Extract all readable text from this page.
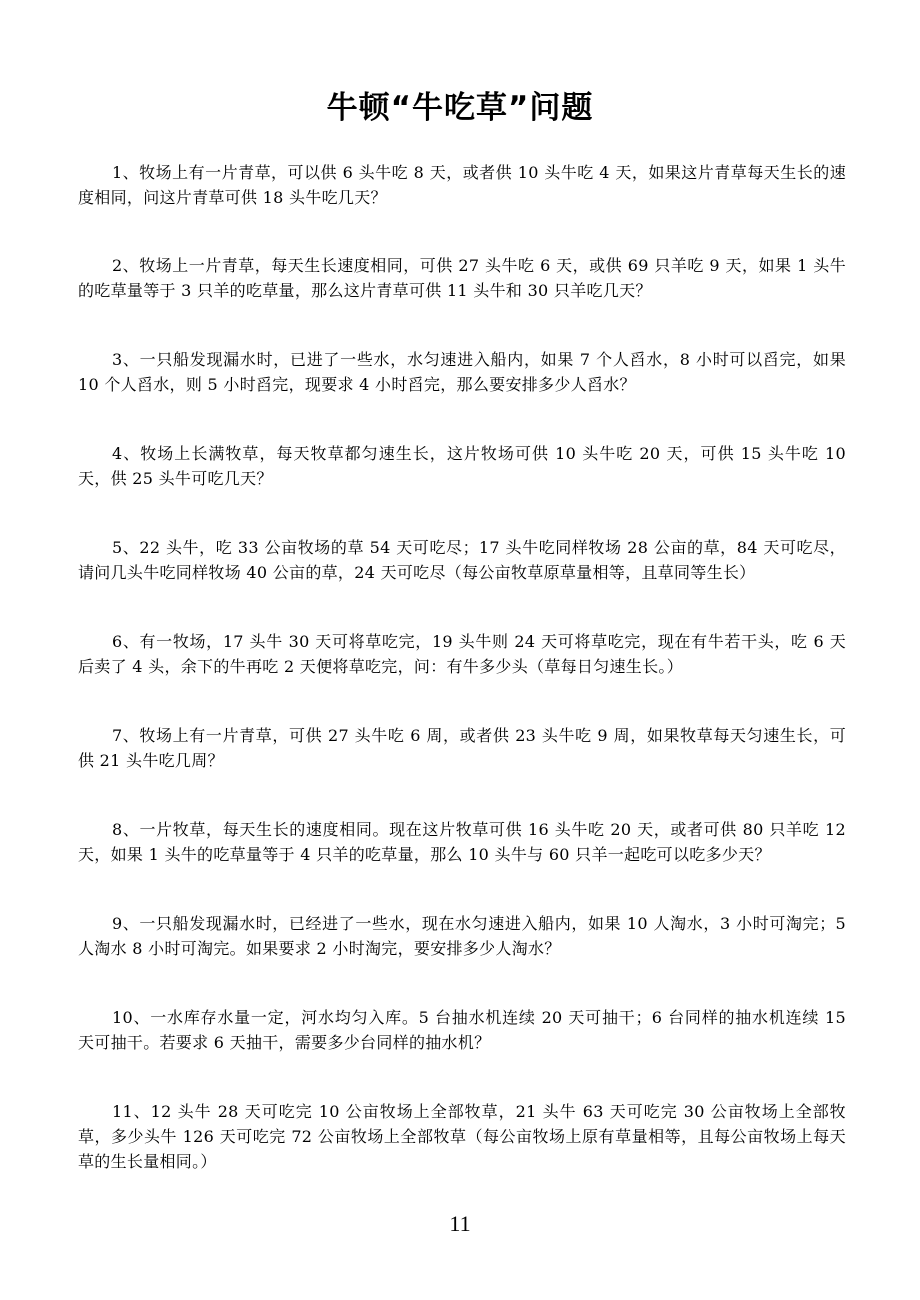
牛顿“牛吃草”问题
1、牧场上有一片青草，可以供 6 头牛吃 8 天，或者供 10 头牛吃 4 天，如果这片青草每天生长的速度相同，问这片青草可供 18 头牛吃几天？
2、牧场上一片青草，每天生长速度相同，可供 27 头牛吃 6 天，或供 69 只羊吃 9 天，如果 1 头牛的吃草量等于 3 只羊的吃草量，那么这片青草可供 11 头牛和 30 只羊吃几天？
3、一只船发现漏水时，已进了一些水，水匀速进入船内，如果 7 个人舀水，8 小时可以舀完，如果 10 个人舀水，则 5 小时舀完，现要求 4 小时舀完，那么要安排多少人舀水？
4、牧场上长满牧草，每天牧草都匀速生长，这片牧场可供 10 头牛吃 20 天，可供 15 头牛吃 10 天，供 25 头牛可吃几天？
5、22 头牛，吃 33 公亩牧场的草 54 天可吃尽；17 头牛吃同样牧场 28 公亩的草，84 天可吃尽，请问几头牛吃同样牧场 40 公亩的草，24 天可吃尽（每公亩牧草原草量相等，且草同等生长）
6、有一牧场，17 头牛 30 天可将草吃完，19 头牛则 24 天可将草吃完，现在有牛若干头，吃 6 天后卖了 4 头，余下的牛再吃 2 天便将草吃完，问：有牛多少头（草每日匀速生长。）
7、牧场上有一片青草，可供 27 头牛吃 6 周，或者供 23 头牛吃 9 周，如果牧草每天匀速生长，可供 21 头牛吃几周？
8、一片牧草，每天生长的速度相同。现在这片牧草可供 16 头牛吃 20 天，或者可供 80 只羊吃 12 天，如果 1 头牛的吃草量等于 4 只羊的吃草量，那么 10 头牛与 60 只羊一起吃可以吃多少天？
9、一只船发现漏水时，已经进了一些水，现在水匀速进入船内，如果 10 人淘水，3 小时可淘完；5 人淘水 8 小时可淘完。如果要求 2 小时淘完，要安排多少人淘水？
10、一水库存水量一定，河水均匀入库。5 台抽水机连续 20 天可抽干；6 台同样的抽水机连续 15 天可抽干。若要求 6 天抽干，需要多少台同样的抽水机？
11、12 头牛 28 天可吃完 10 公亩牧场上全部牧草，21 头牛 63 天可吃完 30 公亩牧场上全部牧草，多少头牛 126 天可吃完 72 公亩牧场上全部牧草（每公亩牧场上原有草量相等，且每公亩牧场上每天草的生长量相同。）
11
